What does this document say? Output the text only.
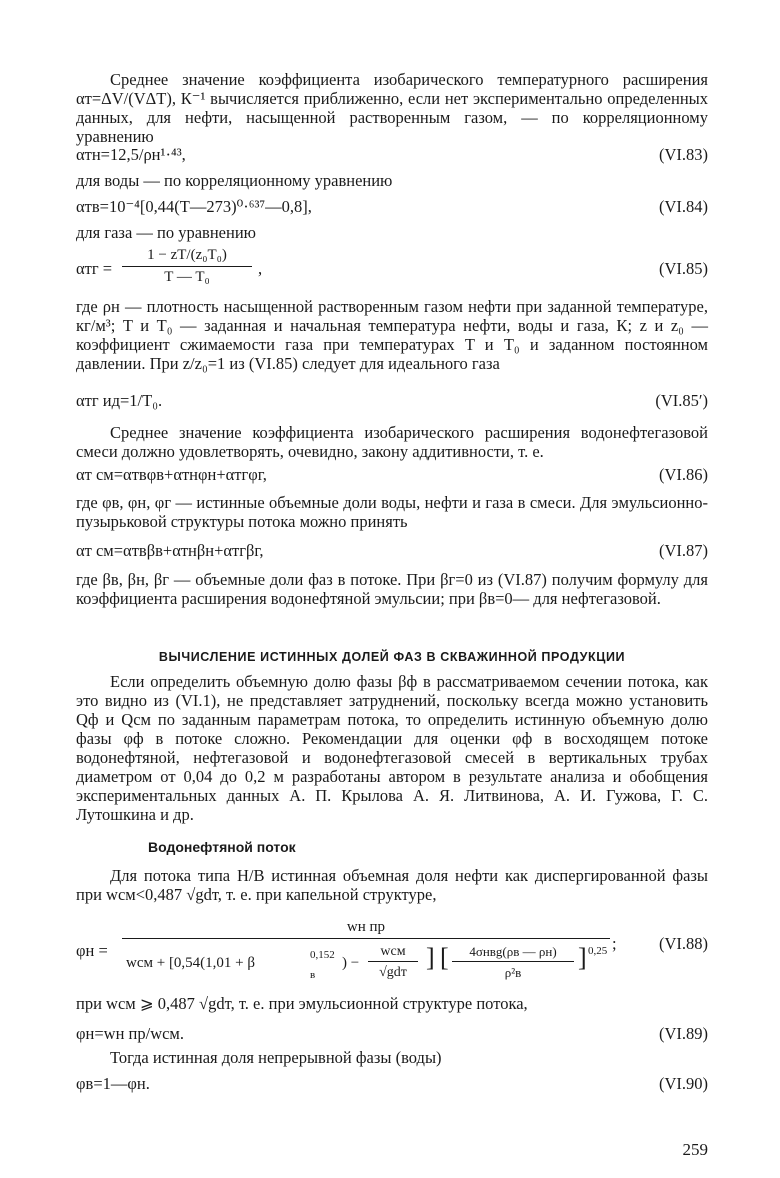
Среднее значение коэффициента изобарического температурного расширения αт=ΔV/(VΔT), К⁻¹ вычисляется приближенно, если нет экспериментально определенных данных, для нефти, насыщенной растворенным газом, — по корреляционному уравнению
αтн=12,5/ρн¹·⁴³,	(VI.83)
для воды — по корреляционному уравнению
αтв=10⁻⁴[0,44(T—273)⁰·⁶³⁷—0,8],	(VI.84)
для газа — по уравнению
αтг =
1 − zT/(z₀T₀)
T — T₀	,	(VI.85)
где ρн — плотность насыщенной растворенным газом нефти при заданной температуре, кг/м³; T и T₀ — заданная и начальная температура нефти, воды и газа, К; z и z₀ — коэффициент сжимаемости газа при температурах T и T₀ и заданном постоянном давлении. При z/z₀=1 из (VI.85) следует для идеального газа
αтг ид=1/T₀.	(VI.85′)
Среднее значение коэффициента изобарического расширения водонефтегазовой смеси должно удовлетворять, очевидно, закону аддитивности, т. е.
αт см=αтвφв+αтнφн+αтгφг,	(VI.86)
где φв, φн, φг — истинные объемные доли воды, нефти и газа в смеси. Для эмульсионно-пузырьковой структуры потока можно принять
αт см=αтвβв+αтнβн+αтгβг,	(VI.87)
где βв, βн, βг — объемные доли фаз в потоке. При βг=0 из (VI.87) получим формулу для коэффициента расширения водонефтяной эмульсии; при βв=0— для нефтегазовой.
ВЫЧИСЛЕНИЕ ИСТИННЫХ ДОЛЕЙ ФАЗ В СКВАЖИННОЙ ПРОДУКЦИИ
Если определить объемную долю фазы βф в рассматриваемом сечении потока, как это видно из (VI.1), не представляет затруднений, поскольку всегда можно установить Qф и Qсм по заданным параметрам потока, то определить истинную объемную долю фазы φф в потоке сложно. Рекомендации для оценки φф в восходящем потоке водонефтяной, нефтегазовой и водонефтегазовой смесей в вертикальных трубах диаметром от 0,04 до 0,2 м разработаны автором в результате анализа и обобщения экспериментальных данных А. П. Крылова А. Я. Литвинова, А. И. Гужова, Г. С. Лутошкина и др.
Водонефтяной поток
Для потока типа Н/В истинная объемная доля нефти как диспергированной фазы при wсм<0,487 √gdт, т. е. при капельной структуре,
φн =
wн пр
wсм + [0,54(1,01 + β	0,152
в
) −
wсм
√gdт
] [	4σнвg(ρв — ρн)
ρ²в
] 0,25 ;	(VI.88)
при wсм ⩾ 0,487 √gdт, т. е. при эмульсионной структуре потока,
φн=wн пр/wсм.	(VI.89)
Тогда истинная доля непрерывной фазы (воды)
φв=1—φн.	(VI.90)
259
